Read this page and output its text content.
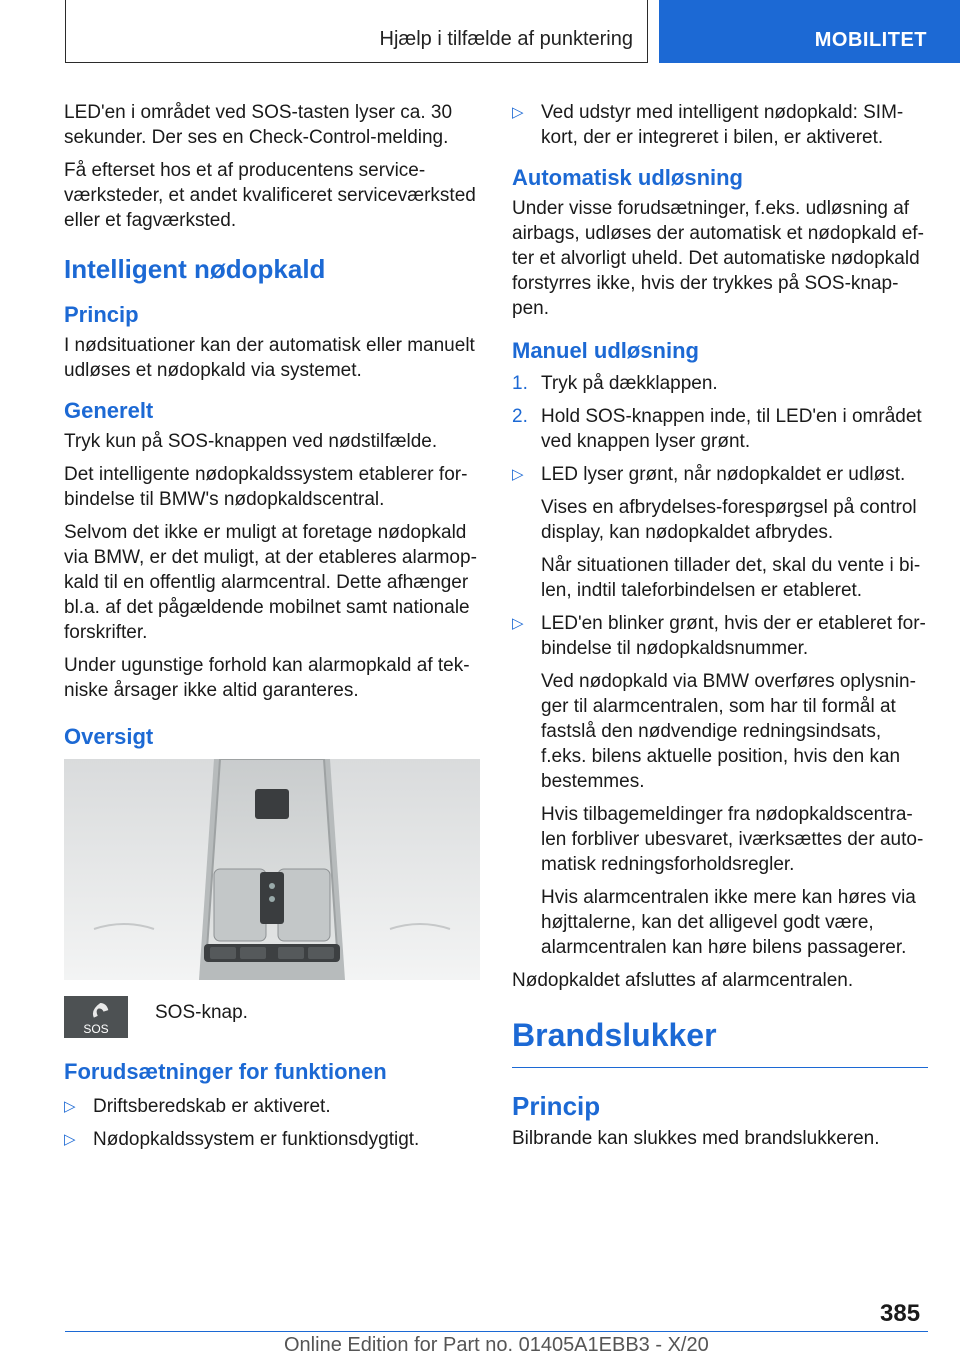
Hjælp i tilfælde af punktering	MOBILITET

LED'en i området ved SOS-tasten lyser ca. 30 sekunder. Der ses en Check-Control-melding.

Få efterset hos et af producentens serviceværksteder, et andet kvalificeret serviceværksted eller et fagværksted.

Intelligent nødopkald
Princip

I nødsituationer kan der automatisk eller manuelt udløses et nødopkald via systemet.

Generelt

Tryk kun på SOS-knappen ved nødstilfælde.

Det intelligente nødopkaldssystem etablerer forbindelse til BMW's nødopkaldscentral.

Selvom det ikke er muligt at foretage nødopkald via BMW, er det muligt, at der etableres alarmopkald til en offentlig alarmcentral. Dette afhænger bl.a. af det pågældende mobilnet samt nationale forskrifter.

Under ugunstige forhold kan alarmopkald af tekniske årsager ikke altid garanteres.

Oversigt
SOS
SOS-knap.
Forudsætninger for funktionen
▷ Driftsberedskab er aktiveret.
▷ Nødopkaldssystem er funktionsdygtigt.
▷ Ved udstyr med intelligent nødopkald: SIM-kort, der er integreret i bilen, er aktiveret.
Automatisk udløsning

Under visse forudsætninger, f.eks. udløsning af airbags, udløses der automatisk et nødopkald efter et alvorligt uheld. Det automatiske nødopkald forstyrres ikke, hvis der trykkes på SOS-knappen.

Manuel udløsning
1. Tryk på dækklappen.
2. Hold SOS-knappen inde, til LED'en i området ved knappen lyser grønt.
▷ LED lyser grønt, når nødopkaldet er udløst.

Vises en afbrydelses-forespørgsel på control display, kan nødopkaldet afbrydes.

Når situationen tillader det, skal du vente i bilen, indtil taleforbindelsen er etableret.

▷ LED'en blinker grønt, hvis der er etableret forbindelse til nødopkaldsnummer.

Ved nødopkald via BMW overføres oplysninger til alarmcentralen, som har til formål at fastslå den nødvendige redningsindsats, f.eks. bilens aktuelle position, hvis den kan bestemmes.

Hvis tilbagemeldinger fra nødopkaldscentralen forbliver ubesvaret, iværksættes der automatisk redningsforholdsregler.

Hvis alarmcentralen ikke mere kan høres via højttalerne, kan det alligevel godt være, alarmcentralen kan høre bilens passagerer.

Nødopkaldet afsluttes af alarmcentralen.

Brandslukker
Princip

Bilbrande kan slukkes med brandslukkeren.

385
Online Edition for Part no. 01405A1EBB3 - X/20
